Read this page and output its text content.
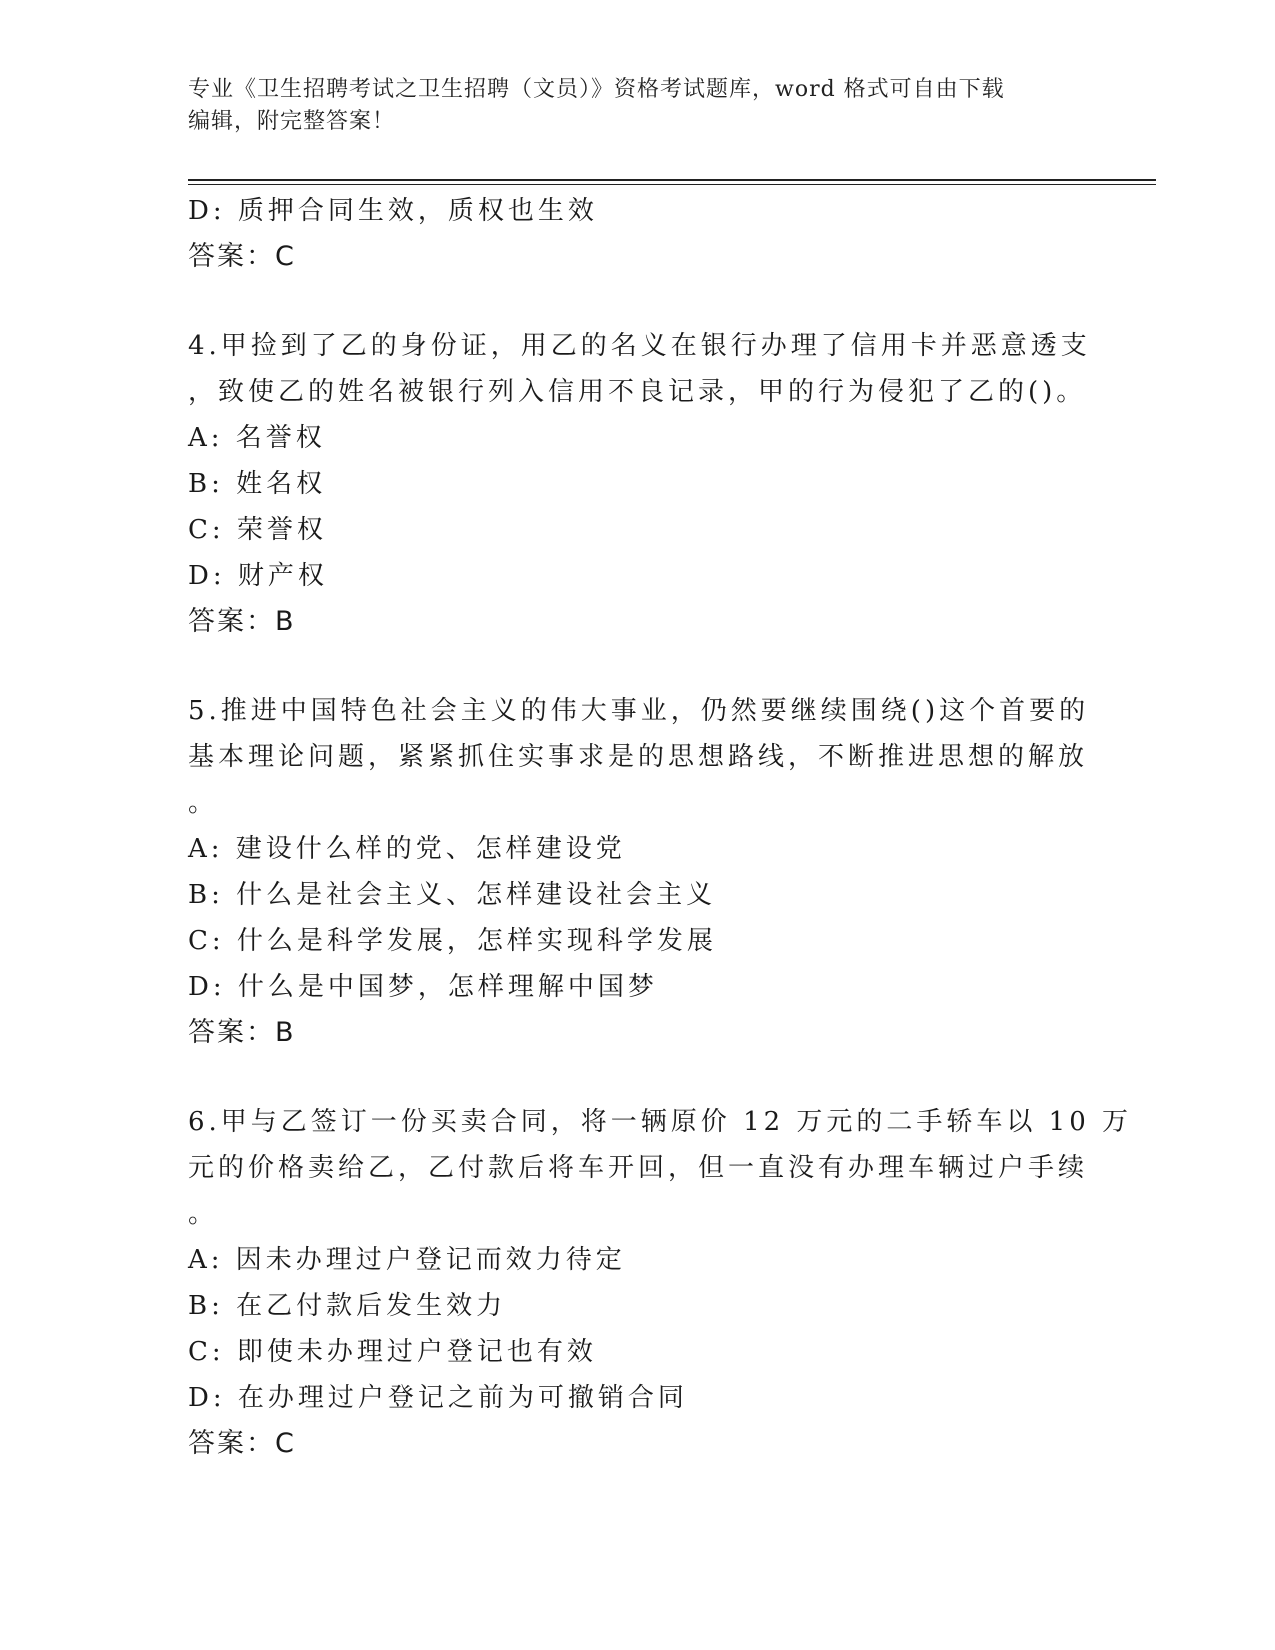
专业《卫生招聘考试之卫生招聘（文员）》资格考试题库，word 格式可自由下载
编辑，附完整答案！
D: 质押合同生效，质权也生效
答案：C
4.甲捡到了乙的身份证，用乙的名义在银行办理了信用卡并恶意透支
，致使乙的姓名被银行列入信用不良记录，甲的行为侵犯了乙的()。
A: 名誉权
B: 姓名权
C: 荣誉权
D: 财产权
答案：B
5.推进中国特色社会主义的伟大事业，仍然要继续围绕()这个首要的
基本理论问题，紧紧抓住实事求是的思想路线，不断推进思想的解放
。
A: 建设什么样的党、怎样建设党
B: 什么是社会主义、怎样建设社会主义
C: 什么是科学发展，怎样实现科学发展
D: 什么是中国梦，怎样理解中国梦
答案：B
6.甲与乙签订一份买卖合同，将一辆原价 12 万元的二手轿车以 10 万
元的价格卖给乙，乙付款后将车开回，但一直没有办理车辆过户手续
。
A: 因未办理过户登记而效力待定
B: 在乙付款后发生效力
C: 即使未办理过户登记也有效
D: 在办理过户登记之前为可撤销合同
答案：C
